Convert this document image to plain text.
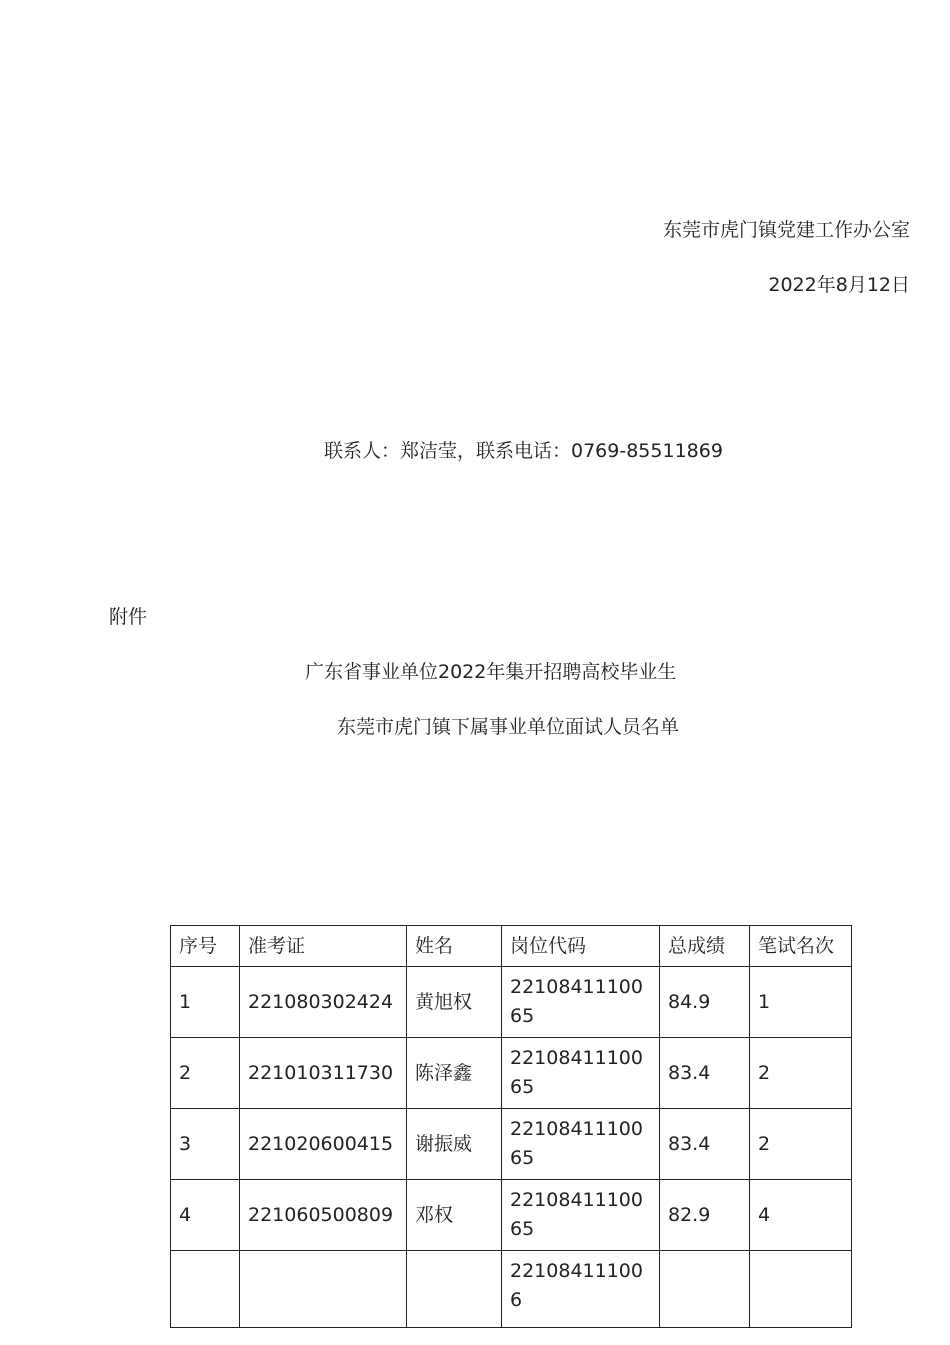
东莞市虎门镇党建工作办公室
2022年8月12日
联系人：郑洁莹，联系电话：0769-85511869
附件
广东省事业单位2022年集开招聘高校毕业生
东莞市虎门镇下属事业单位面试人员名单
序号	准考证	姓名	岗位代码	总成绩	笔试名次
1	221080302424	黄旭权	2210841110065	84.9	1
2	221010311730	陈泽鑫	2210841110065	83.4	2
3	221020600415	谢振威	2210841110065	83.4	2
4	221060500809	邓权	2210841110065	82.9	4
			221084111006		
